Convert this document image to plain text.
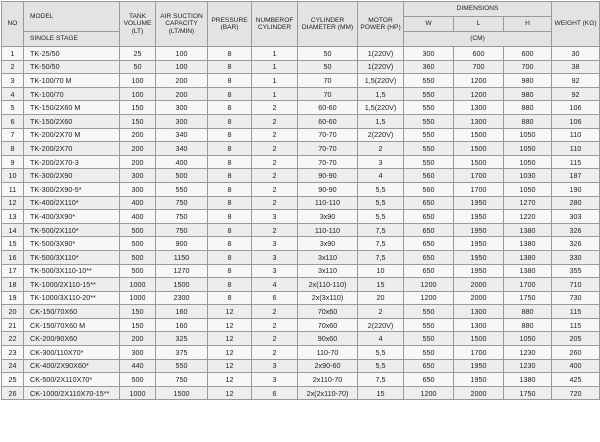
NO	MODEL	TANK VOLUME (LT)	AIR SUCTION CAPACITY (LT/MIN)	PRESSURE (BAR)	NUMBEROF CYLINDER	CYLINDER DIAMETER (MM)	MOTOR POWER (HP)	DIMENSIONS			WEIGHT (KG)
								W	L	H	
	SINGLE STAGE							(CM)			
1	TK-25/50	25	100	8	1	50	1(220V)	300	600	600	30
2	TK-50/50	50	100	8	1	50	1(220V)	360	700	700	38
3	TK-100/70 M	100	200	8	1	70	1,5(220V)	550	1200	980	92
4	TK-100/70	100	200	8	1	70	1,5	550	1200	980	92
5	TK-150/2X60 M	150	300	8	2	60-60	1,5(220V)	550	1300	880	106
6	TK-150/2X60	150	300	8	2	60-60	1,5	550	1300	880	106
7	TK-200/2X70 M	200	340	8	2	70-70	2(220V)	550	1500	1050	110
8	TK-200/2X70	200	340	8	2	70-70	2	550	1500	1050	110
9	TK-200/2X70-3	200	400	8	2	70-70	3	550	1500	1050	115
10	TK-300/2X90	300	500	8	2	90-90	4	560	1700	1030	187
11	TK-300/2X90-5*	300	550	8	2	90-90	5,5	560	1700	1050	190
12	TK-400/2X110*	400	750	8	2	110-110	5,5	650	1950	1270	280
13	TK-400/3X90*	400	750	8	3	3x90	5,5	650	1950	1220	303
14	TK-500/2X110*	500	750	8	2	110-110	7,5	650	1950	1380	326
15	TK-500/3X90*	500	900	8	3	3x90	7,5	650	1950	1380	326
16	TK-500/3X110*	500	1150	8	3	3x110	7,5	650	1950	1380	330
17	TK-500/3X110-10**	500	1270	8	3	3x110	10	650	1950	1380	355
18	TK-1000/2X110-15**	1000	1500	8	4	2x(110-110)	15	1200	2000	1700	710
19	TK-1000/3X110-20**	1000	2300	8	6	2x(3x110)	20	1200	2000	1750	730
20	CK-150/70X60	150	160	12	2	70x60	2	550	1300	880	115
21	CK-150/70X60 M	150	160	12	2	70x60	2(220V)	550	1300	880	115
22	CK-200/90X60	200	325	12	2	90x60	4	550	1500	1050	205
23	CK-300/110X70*	300	375	12	2	110-70	5,5	550	1700	1230	260
24	CK-400/2X90X60*	440	550	12	3	2x90-60	5,5	650	1950	1230	400
25	CK-500/2X110X70*	500	750	12	3	2x110-70	7,5	650	1950	1380	425
26	CK-1000/2X110X70-15**	1000	1500	12	6	2x(2x110-70)	15	1200	2000	1750	720
